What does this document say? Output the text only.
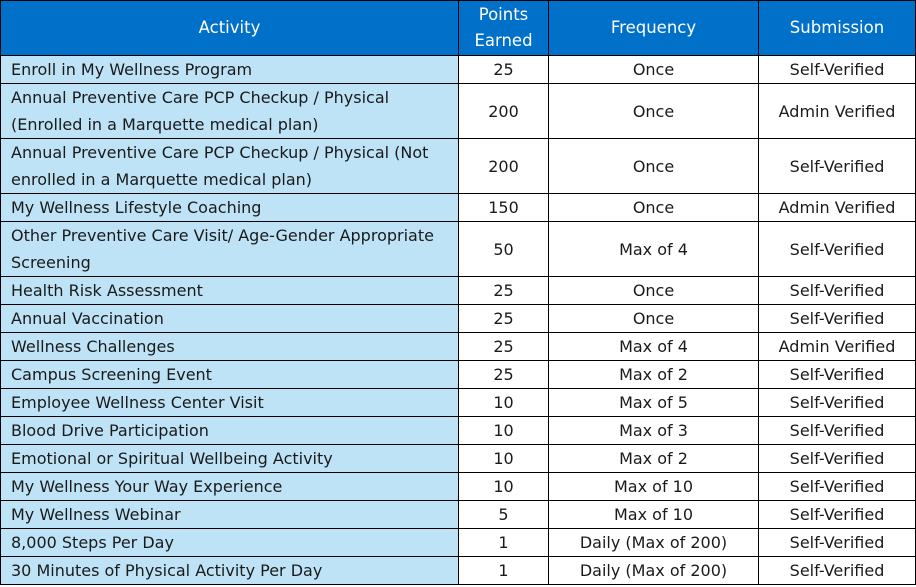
Activity	Points Earned	Frequency	Submission
Enroll in My Wellness Program	25	Once	Self-Verified
Annual Preventive Care PCP Checkup / Physical (Enrolled in a Marquette medical plan)	200	Once	Admin Verified
Annual Preventive Care PCP Checkup / Physical (Not enrolled in a Marquette medical plan)	200	Once	Self-Verified
My Wellness Lifestyle Coaching	150	Once	Admin Verified
Other Preventive Care Visit/ Age-Gender Appropriate Screening	50	Max of 4	Self-Verified
Health Risk Assessment	25	Once	Self-Verified
Annual Vaccination	25	Once	Self-Verified
Wellness Challenges	25	Max of 4	Admin Verified
Campus Screening Event	25	Max of 2	Self-Verified
Employee Wellness Center Visit	10	Max of 5	Self-Verified
Blood Drive Participation	10	Max of 3	Self-Verified
Emotional or Spiritual Wellbeing Activity	10	Max of 2	Self-Verified
My Wellness Your Way Experience	10	Max of 10	Self-Verified
My Wellness Webinar	5	Max of 10	Self-Verified
8,000 Steps Per Day	1	Daily (Max of 200)	Self-Verified
30 Minutes of Physical Activity Per Day	1	Daily (Max of 200)	Self-Verified
